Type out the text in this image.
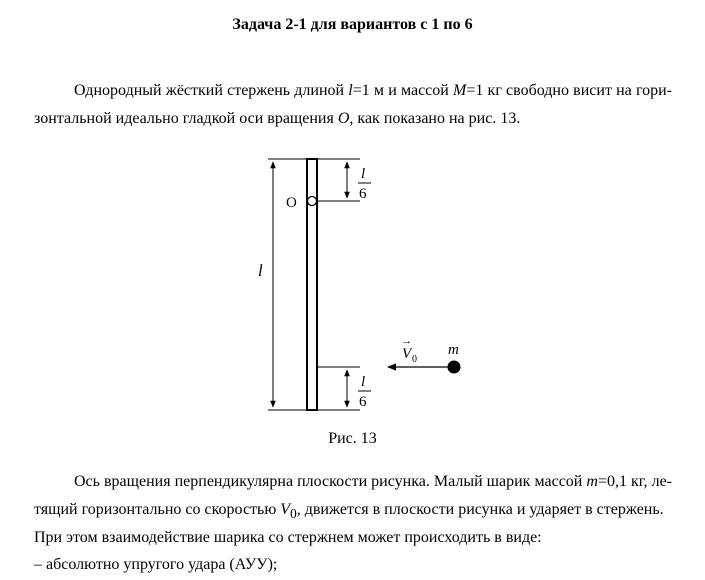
Задача 2-1 для вариантов с 1 по 6
Однородный жёсткий стержень длиной l=1 м и массой M=1 кг свободно висит на гори-зонтальной идеально гладкой оси вращения O, как показано на рис. 13.
O
l
l
6
l
6
→
V 0
m
Рис. 13
Ось вращения перпендикулярна плоскости рисунка. Малый шарик массой m=0,1 кг, ле-тящий горизонтально со скоростью $V_0$, движется в плоскости рисунка и ударяет в стержень.
При этом взаимодействие шарика со стержнем может происходить в виде:
– абсолютно упругого удара (АУУ);
